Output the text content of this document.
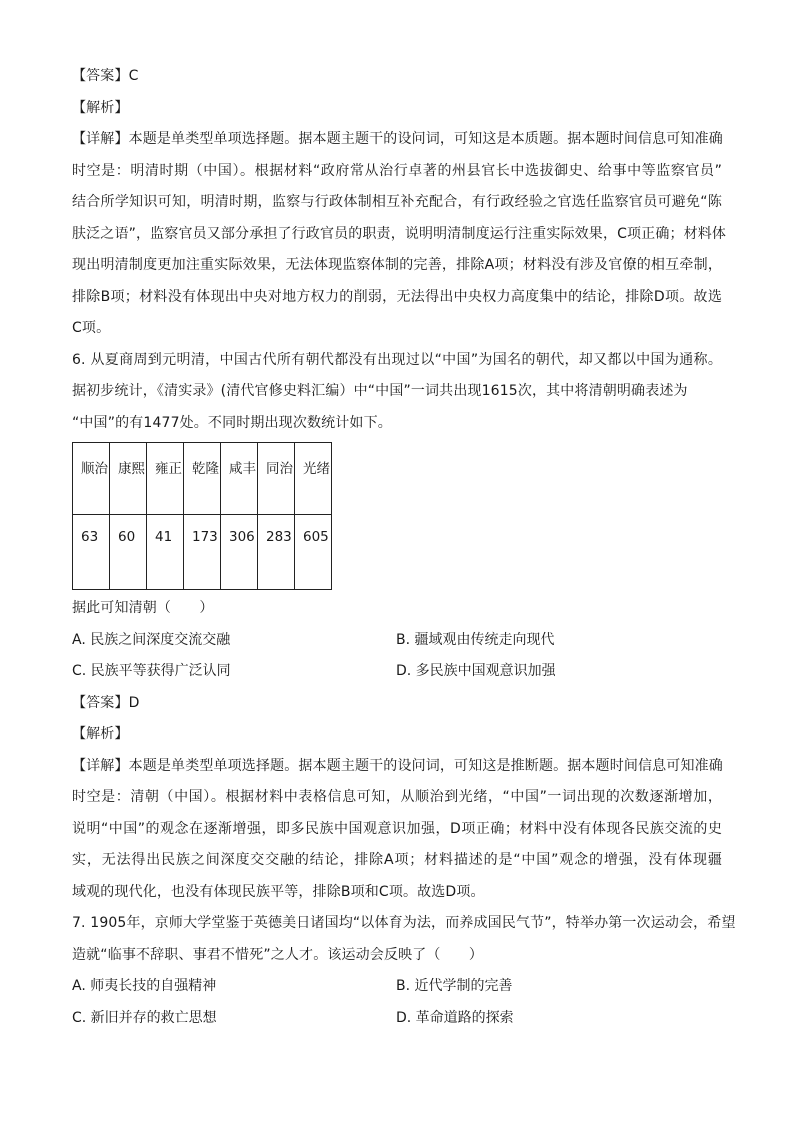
【答案】C
【解析】
【详解】本题是单类型单项选择题。据本题主题干的设问词，可知这是本质题。据本题时间信息可知准确
时空是：明清时期（中国）。根据材料“政府常从治行卓著的州县官长中选拔御史、给事中等监察官员”
结合所学知识可知，明清时期，监察与行政体制相互补充配合，有行政经验之官选任监察官员可避免“陈
肤泛之语”，监察官员又部分承担了行政官员的职责，说明明清制度运行注重实际效果，C项正确；材料体
现出明清制度更加注重实际效果，无法体现监察体制的完善，排除A项；材料没有涉及官僚的相互牵制，
排除B项；材料没有体现出中央对地方权力的削弱，无法得出中央权力高度集中的结论，排除D项。故选
C项。
6. 从夏商周到元明清，中国古代所有朝代都没有出现过以“中国”为国名的朝代，却又都以中国为通称。
据初步统计，《清实录》(清代官修史料汇编）中“中国”一词共出现1615次，其中将清朝明确表述为
“中国”的有1477处。不同时期出现次数统计如下。
顺治	康熙	雍正	乾隆	咸丰	同治	光绪
63	60	41	173	306	283	605
据此可知清朝（　　）
A. 民族之间深度交流交融	B. 疆域观由传统走向现代
C. 民族平等获得广泛认同	D. 多民族中国观意识加强
【答案】D
【解析】
【详解】本题是单类型单项选择题。据本题主题干的设问词，可知这是推断题。据本题时间信息可知准确
时空是：清朝（中国）。根据材料中表格信息可知，从顺治到光绪，“中国”一词出现的次数逐渐增加，
说明“中国”的观念在逐渐增强，即多民族中国观意识加强，D项正确；材料中没有体现各民族交流的史
实，无法得出民族之间深度交交融的结论，排除A项；材料描述的是“中国”观念的增强，没有体现疆
域观的现代化，也没有体现民族平等，排除B项和C项。故选D项。
7. 1905年，京师大学堂鉴于英德美日诸国均“以体育为法，而养成国民气节”，特举办第一次运动会，希望
造就“临事不辞职、事君不惜死”之人才。该运动会反映了（　　）
A. 师夷长技的自强精神	B. 近代学制的完善
C. 新旧并存的救亡思想	D. 革命道路的探索
